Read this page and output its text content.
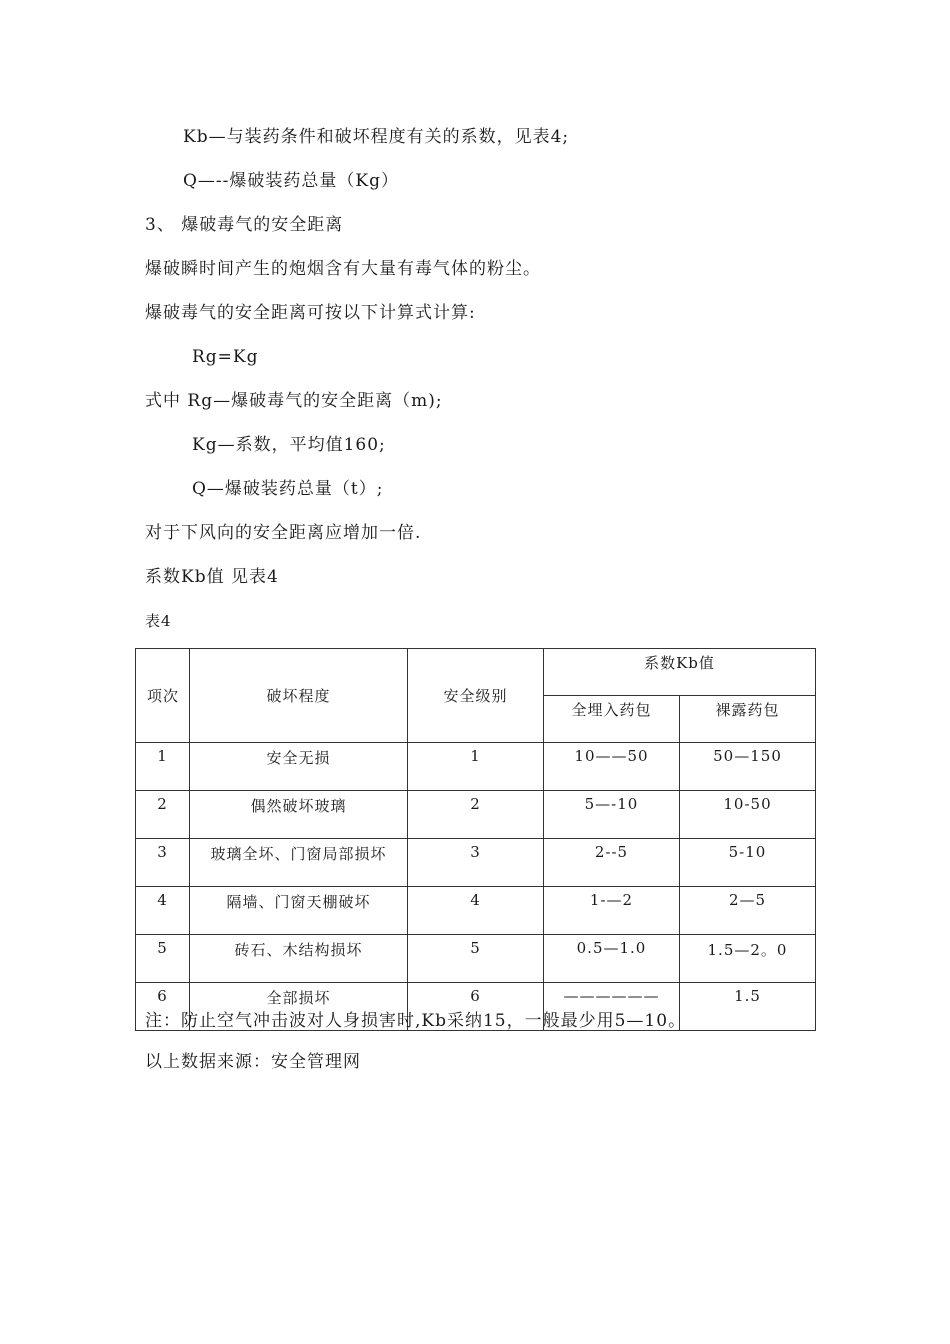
Kb—与装药条件和破坏程度有关的系数，见表4;
Q—--爆破装药总量（Kg）
3、 爆破毒气的安全距离
爆破瞬时间产生的炮烟含有大量有毒气体的粉尘。
爆破毒气的安全距离可按以下计算式计算:
Rg=Kg
式中 Rg—爆破毒气的安全距离（m);
Kg—系数，平均值160;
Q—爆破装药总量（t）;
对于下风向的安全距离应增加一倍.
系数Kb值 见表4
表4
项次	破坏程度	安全级别	系数Kb值	
			全埋入药包	裸露药包
1	安全无损	1	10——50	50—150
2	偶然破坏玻璃	2	5—-10	10-50
3	玻璃全坏、门窗局部损坏	3	2--5	5-10
4	隔墙、门窗天棚破坏	4	1-—2	2—5
5	砖石、木结构损坏	5	0.5—1.0	1.5—2。0
6	全部损坏	6	——————	1.5
注：防止空气冲击波对人身损害时,Kb采纳15，一般最少用5—10。
以上数据来源：安全管理网
